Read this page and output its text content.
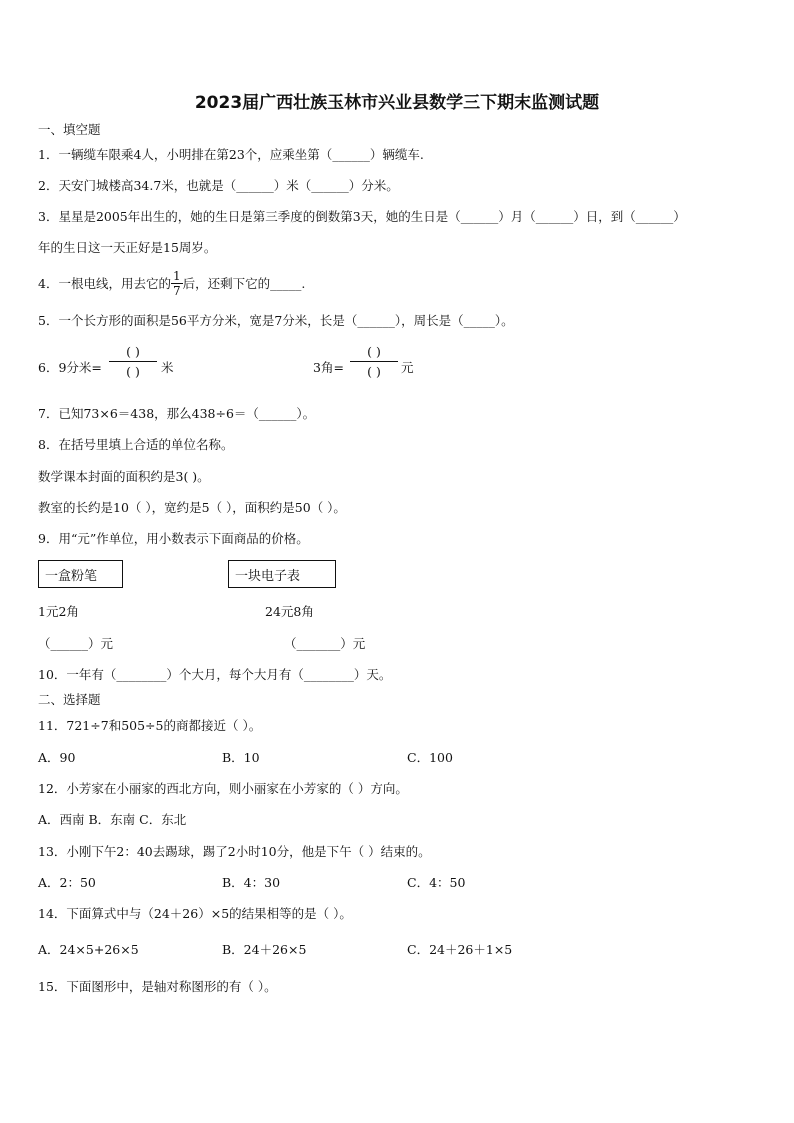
2023届广西壮族玉林市兴业县数学三下期末监测试题
一、填空题
1．一辆缆车限乘4人，小明排在第23个，应乘坐第（______）辆缆车.
2．天安门城楼高34.7米，也就是（______）米（______）分米。
3．星星是2005年出生的，她的生日是第三季度的倒数第3天，她的生日是（______）月（______）日，到（______）
年的生日这一天正好是15周岁。
4．一根电线，用去它的 $\frac{1}{7}$ 后，还剩下它的_____.
5．一个长方形的面积是56平方分米，宽是7分米，长是（______），周长是（_____）。
6．9分米=
( )
( ) 米	3角=
( )
( ) 元
7．已知73×6＝438，那么438÷6＝（______）。
8．在括号里填上合适的单位名称。
数学课本封面的面积约是3( )。
教室的长约是10（ ），宽约是5（ ），面积约是50（ ）。
9．用“元”作单位，用小数表示下面商品的价格。
一盒粉笔	一块电子表
1元2角	24元8角
（______）元	（_______）元
10．一年有（________）个大月，每个大月有（________）天。
二、选择题
11．721÷7和505÷5的商都接近（ ）。
A．90	B．10	C．100
12．小芳家在小丽家的西北方向，则小丽家在小芳家的（ ）方向。
A．西南 B．东南 C．东北
13．小刚下午2：40去踢球，踢了2小时10分，他是下午（ ）结束的。
A．2：50	B．4：30	C．4：50
14．下面算式中与（24＋26）×5的结果相等的是（ ）。
A．24×5+26×5	B．24＋26×5	C．24＋26＋1×5
15．下面图形中，是轴对称图形的有（ ）。
